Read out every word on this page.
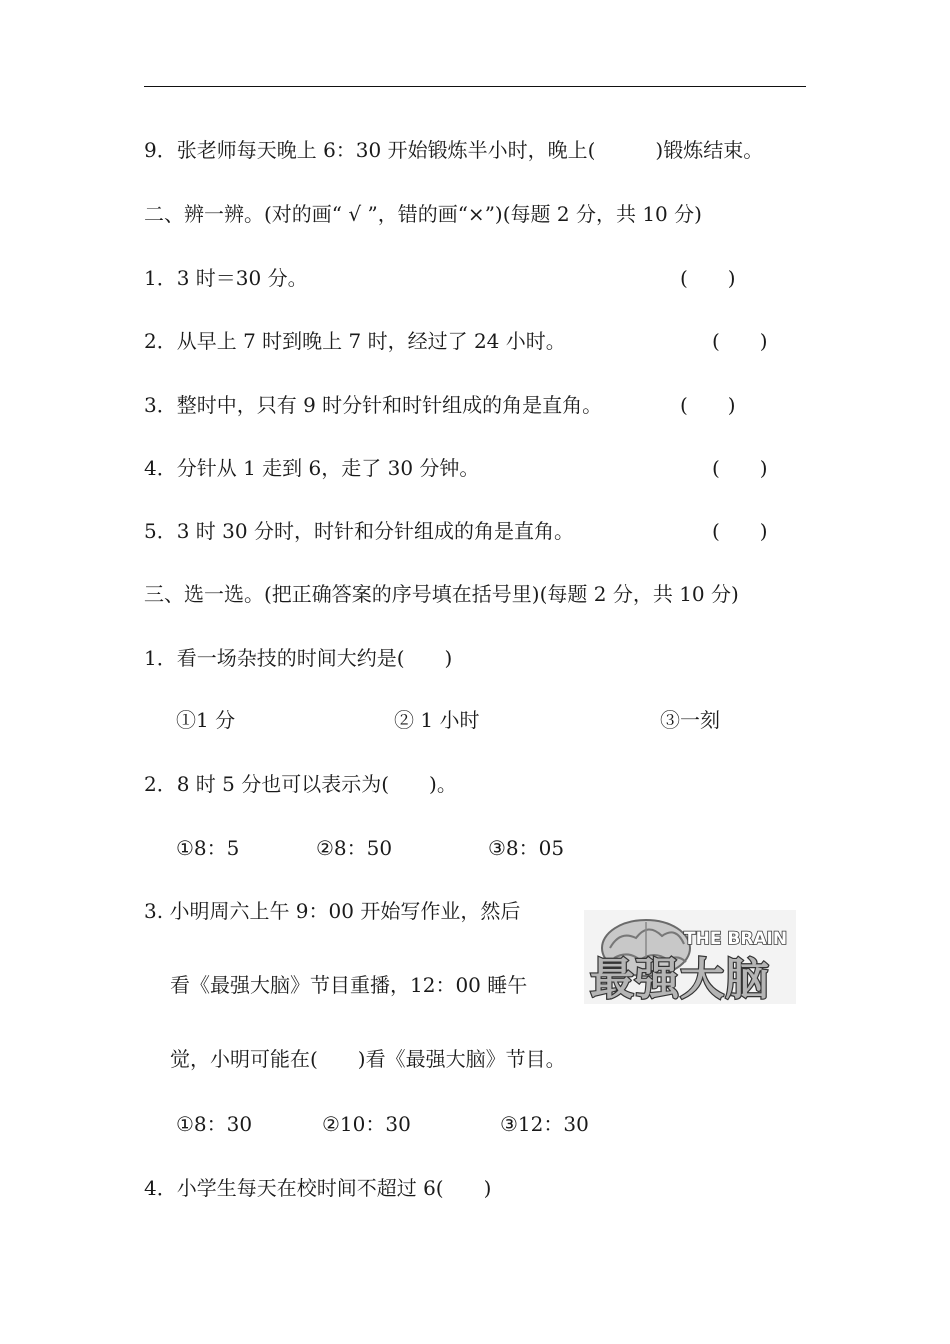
9．张老师每天晚上 6：30 开始锻炼半小时，晚上(　　　)锻炼结束。
二、辨一辨。(对的画“ √ ”，错的画“×”)(每题 2 分，共 10 分)
1．3 时＝30 分。	(　　)
2．从早上 7 时到晚上 7 时，经过了 24 小时。	(　　)
3．整时中，只有 9 时分针和时针组成的角是直角。	(　　)
4．分针从 1 走到 6，走了 30 分钟。	(　　)
5．3 时 30 分时，时针和分针组成的角是直角。	(　　)
三、选一选。(把正确答案的序号填在括号里)(每题 2 分，共 10 分)
1．看一场杂技的时间大约是(　　)
①1 分	② 1 小时	③一刻
2．8 时 5 分也可以表示为(　　)。
①8：5	②8：50	③8：05
3. 小明周六上午 9：00 开始写作业，然后
看《最强大脑》节目重播，12：00 睡午
觉，小明可能在(　　)看《最强大脑》节目。
THE BRAIN
最强大脑
①8：30	②10：30	③12：30
4．小学生每天在校时间不超过 6(　　)
